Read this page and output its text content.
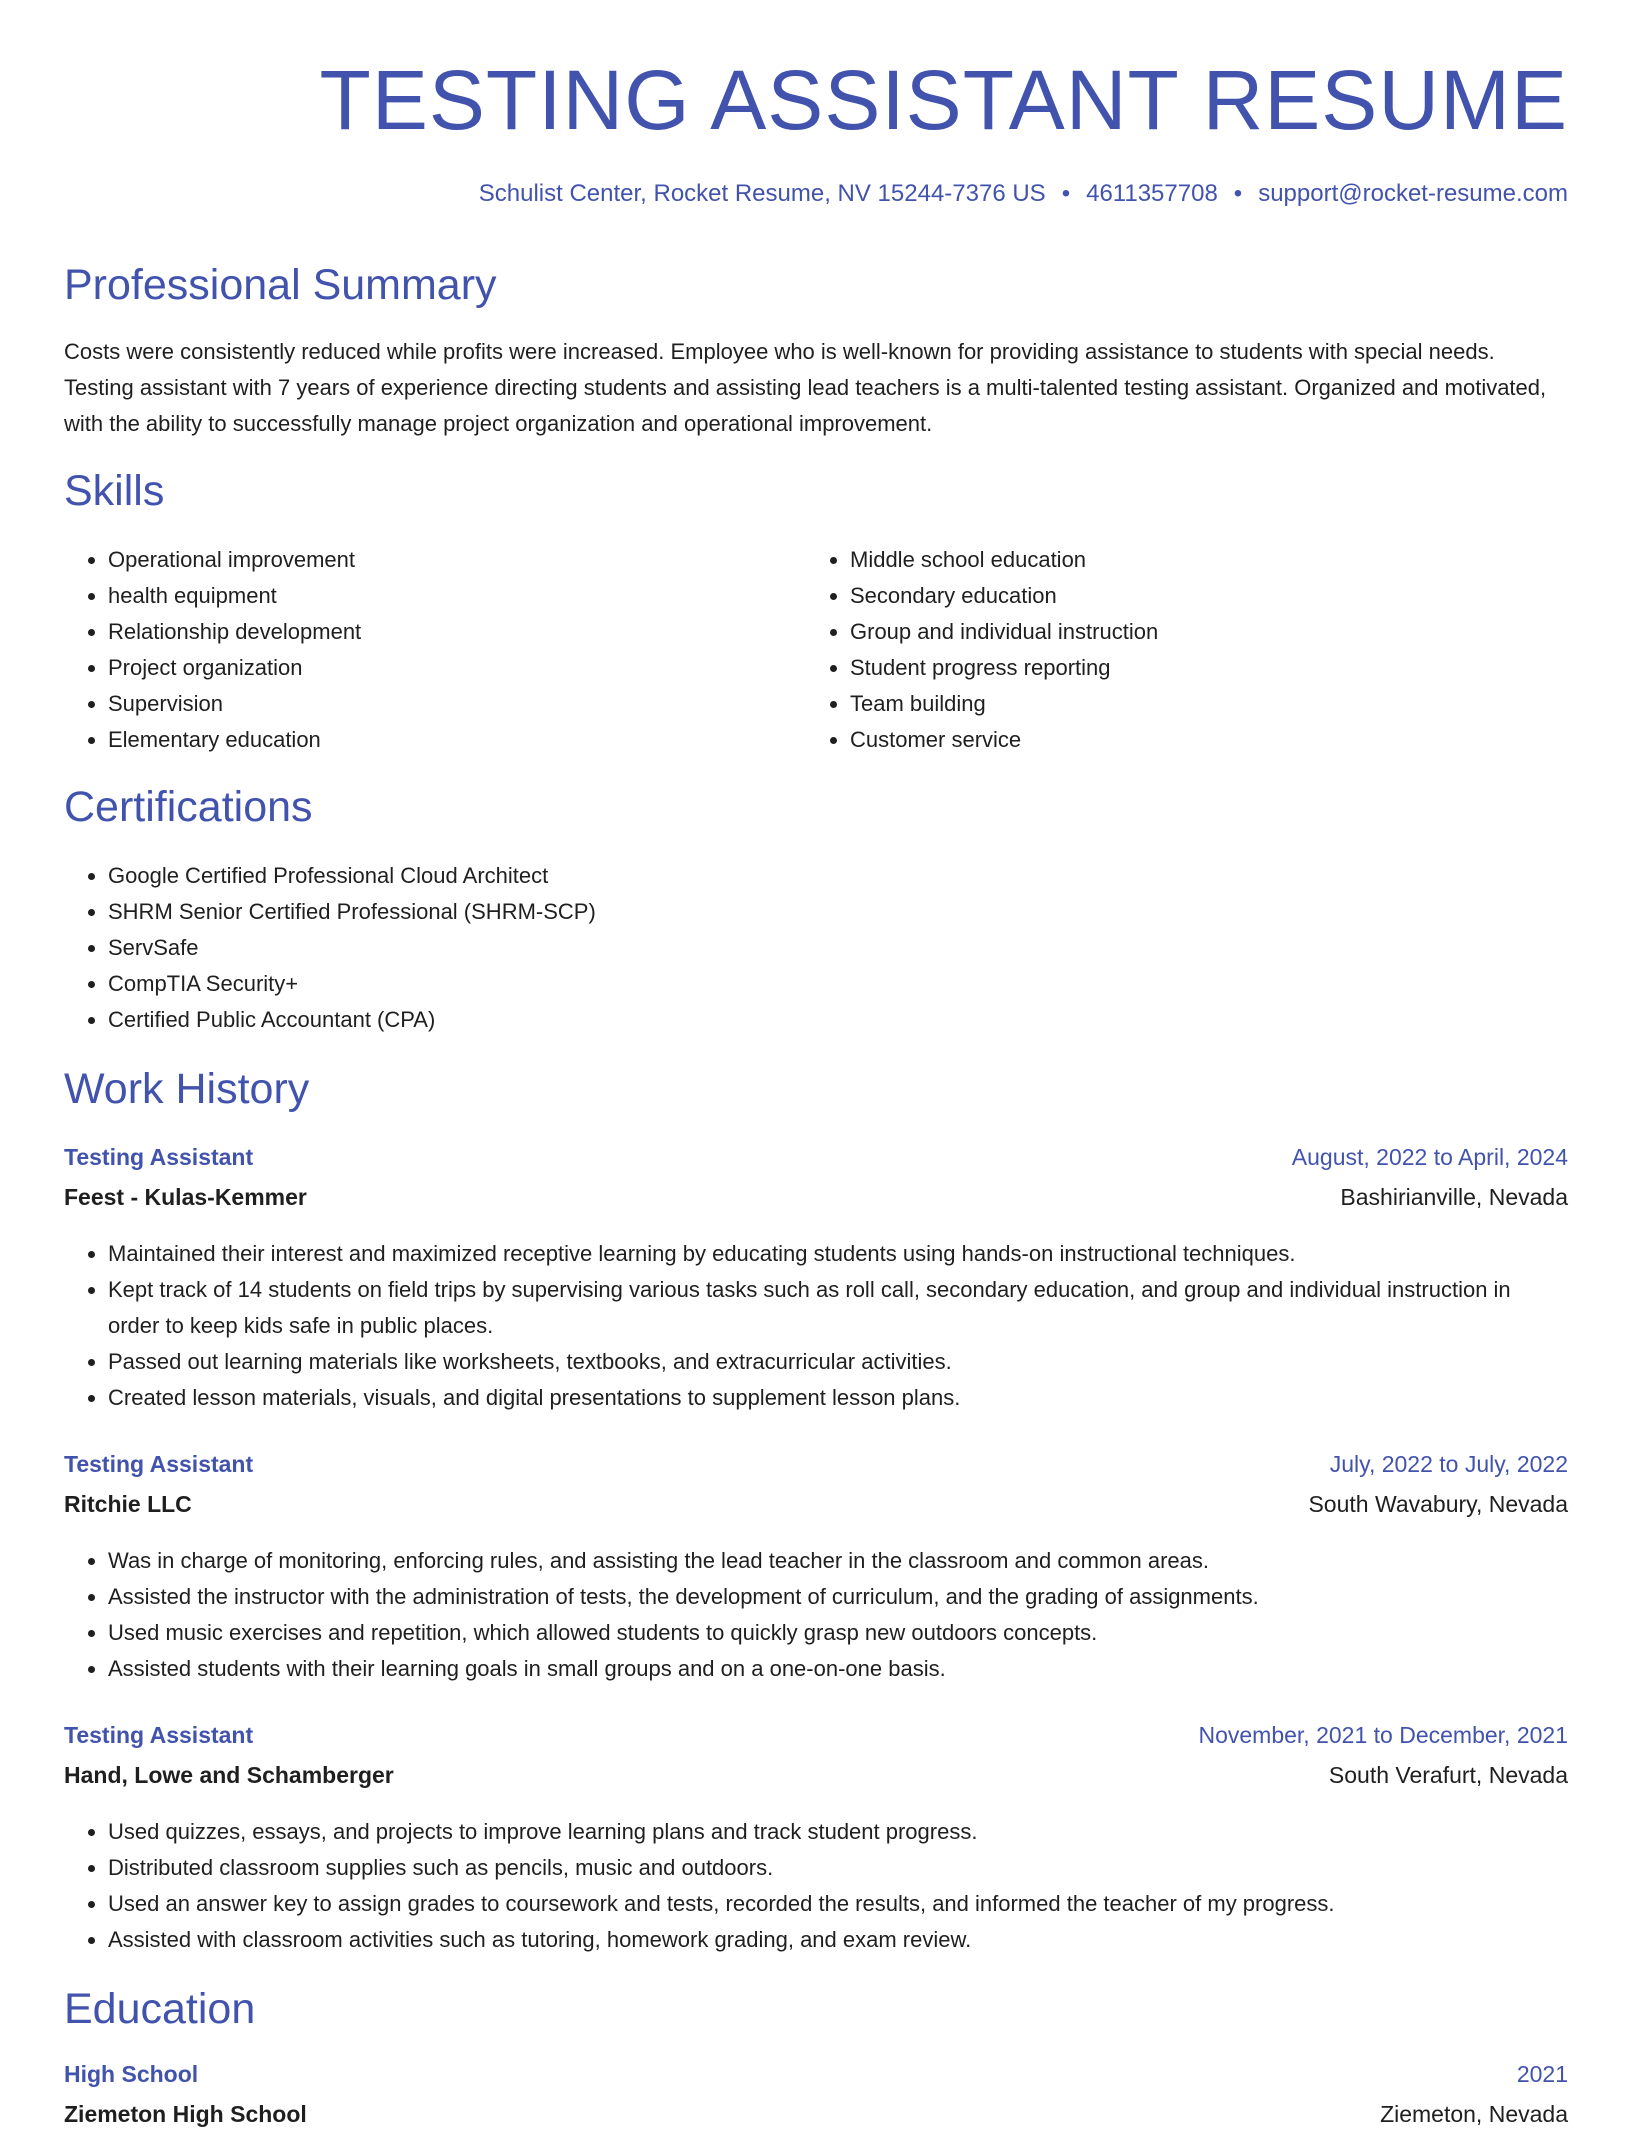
TESTING ASSISTANT RESUME
Schulist Center, Rocket Resume, NV 15244-7376 US • 4611357708 • support@rocket-resume.com
Professional Summary

Costs were consistently reduced while profits were increased. Employee who is well-known for providing assistance to students with special needs. Testing assistant with 7 years of experience directing students and assisting lead teachers is a multi-talented testing assistant. Organized and motivated, with the ability to successfully manage project organization and operational improvement.

Skills
• Operational improvement
• health equipment
• Relationship development
• Project organization
• Supervision
• Elementary education
• Middle school education
• Secondary education
• Group and individual instruction
• Student progress reporting
• Team building
• Customer service
Certifications
• Google Certified Professional Cloud Architect
• SHRM Senior Certified Professional (SHRM-SCP)
• ServSafe
• CompTIA Security+
• Certified Public Accountant (CPA)
Work History
Testing Assistant	August, 2022 to April, 2024
Feest - Kulas-Kemmer	Bashirianville, Nevada
• Maintained their interest and maximized receptive learning by educating students using hands-on instructional techniques.
• Kept track of 14 students on field trips by supervising various tasks such as roll call, secondary education, and group and individual instruction in order to keep kids safe in public places.
• Passed out learning materials like worksheets, textbooks, and extracurricular activities.
• Created lesson materials, visuals, and digital presentations to supplement lesson plans.
Testing Assistant	July, 2022 to July, 2022
Ritchie LLC	South Wavabury, Nevada
• Was in charge of monitoring, enforcing rules, and assisting the lead teacher in the classroom and common areas.
• Assisted the instructor with the administration of tests, the development of curriculum, and the grading of assignments.
• Used music exercises and repetition, which allowed students to quickly grasp new outdoors concepts.
• Assisted students with their learning goals in small groups and on a one-on-one basis.
Testing Assistant	November, 2021 to December, 2021
Hand, Lowe and Schamberger	South Verafurt, Nevada
• Used quizzes, essays, and projects to improve learning plans and track student progress.
• Distributed classroom supplies such as pencils, music and outdoors.
• Used an answer key to assign grades to coursework and tests, recorded the results, and informed the teacher of my progress.
• Assisted with classroom activities such as tutoring, homework grading, and exam review.
Education
High School	2021
Ziemeton High School	Ziemeton, Nevada
